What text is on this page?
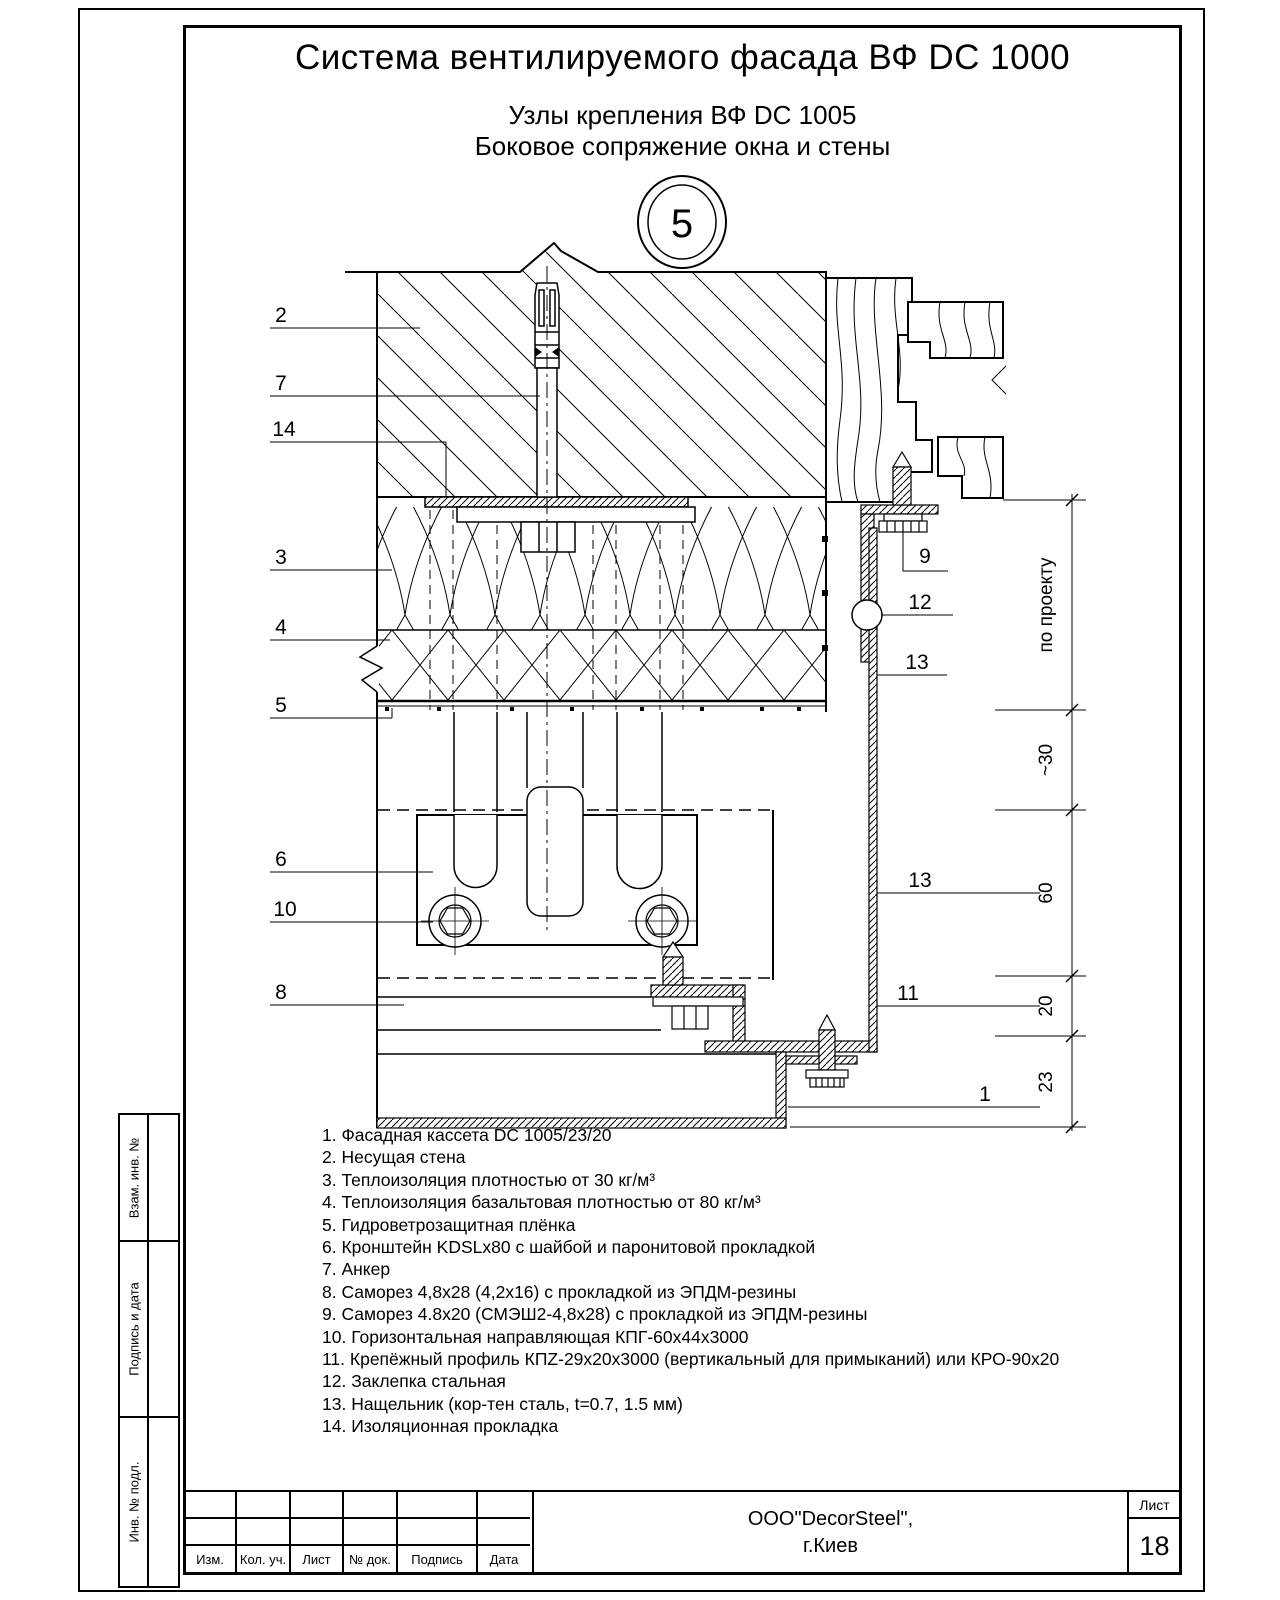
Система вентилируемого фасада ВФ DC 1000
Узлы крепления ВФ DC 1005
Боковое сопряжение окна и стены
5
2
7
14
3
4
5
6
10
8
9
12
13
13
11
1
по проекту
~30
60
20
23
1. Фасадная кассета DC 1005/23/20
2. Несущая стена
3. Теплоизоляция плотностью от 30 кг/м³
4. Теплоизоляция базальтовая плотностью от 80 кг/м³
5. Гидроветрозащитная плёнка
6. Кронштейн KDSLx80 с шайбой и паронитовой прокладкой
7. Анкер
8. Саморез 4,8х28 (4,2х16) с прокладкой из ЭПДМ-резины
9. Саморез 4.8х20 (СМЭШ2-4,8х28) с прокладкой из ЭПДМ-резины
10. Горизонтальная направляющая КПГ-60х44х3000
11. Крепёжный профиль КПZ-29х20х3000 (вертикальный для примыканий) или КРО-90х20
12. Заклепка стальная
13. Нащельник (кор-тен сталь, t=0.7, 1.5 мм)
14. Изоляционная прокладка
Взам. инв. №
Подпись и дата
Инв. № подл.
Изм.	Кол. уч.	Лист	№ док.	Подпись	Дата
ООО"DecorSteel",
г.Киев
Лист
18
